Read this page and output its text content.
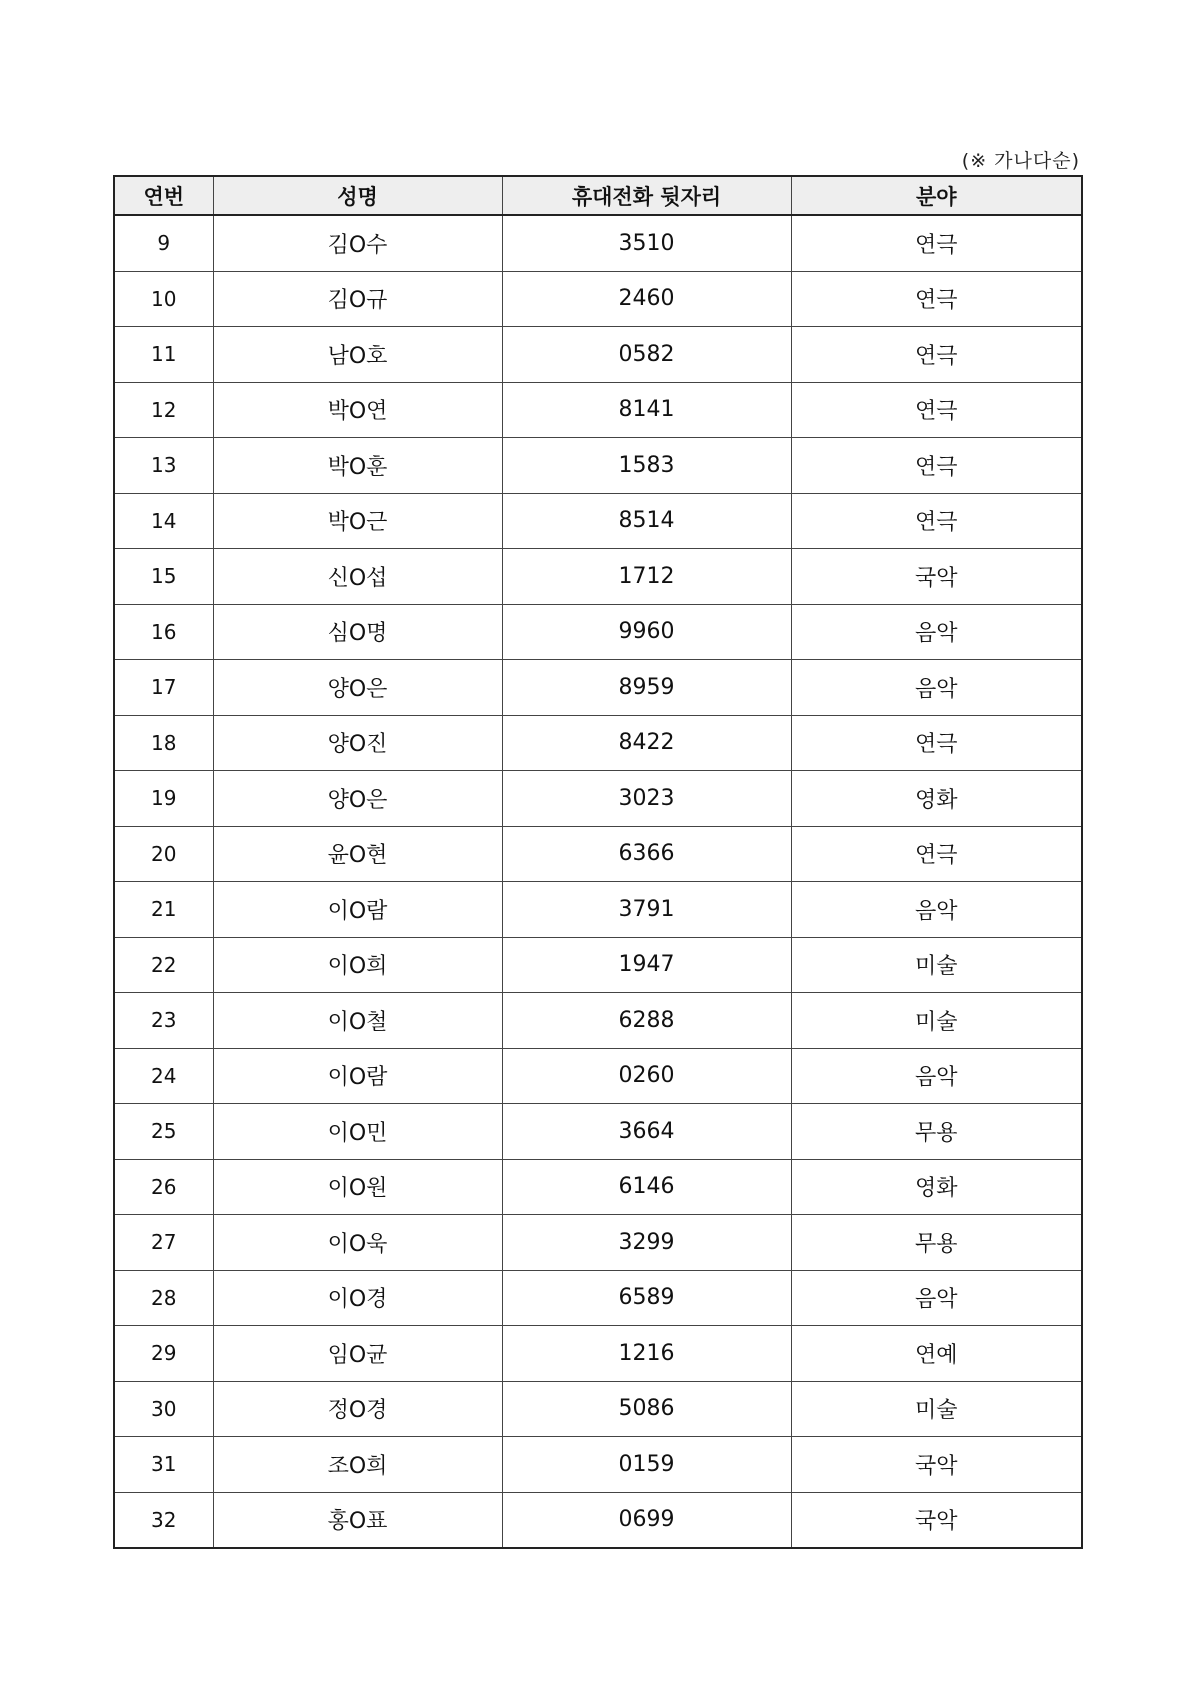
(※ 가나다순)
연번	성명	휴대전화 뒷자리	분야
9	김O수	3510	연극
10	김O규	2460	연극
11	남O호	0582	연극
12	박O연	8141	연극
13	박O훈	1583	연극
14	박O근	8514	연극
15	신O섭	1712	국악
16	심O명	9960	음악
17	양O은	8959	음악
18	양O진	8422	연극
19	양O은	3023	영화
20	윤O현	6366	연극
21	이O람	3791	음악
22	이O희	1947	미술
23	이O철	6288	미술
24	이O람	0260	음악
25	이O민	3664	무용
26	이O원	6146	영화
27	이O욱	3299	무용
28	이O경	6589	음악
29	임O균	1216	연예
30	정O경	5086	미술
31	조O희	0159	국악
32	홍O표	0699	국악
